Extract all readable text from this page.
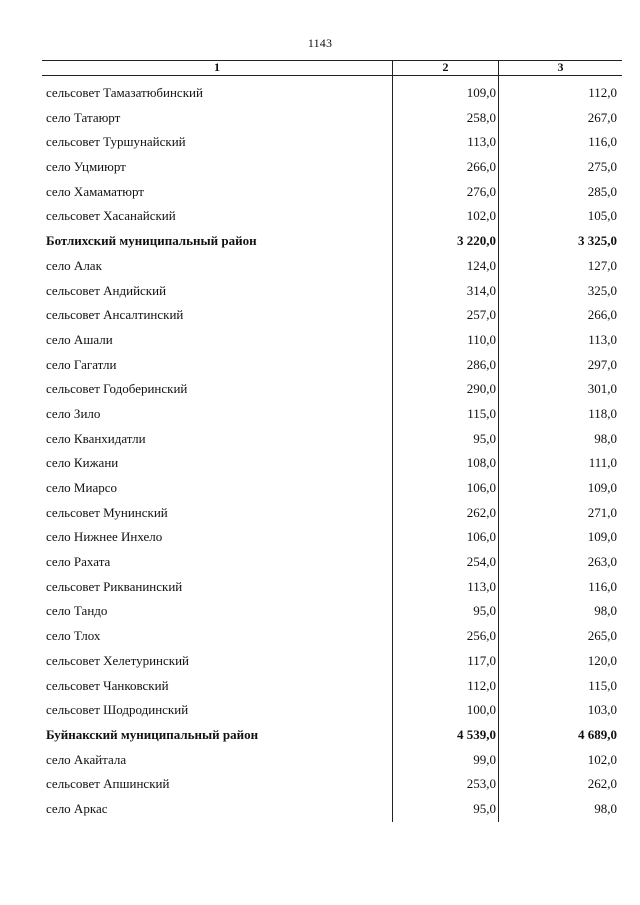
1143
1	2	3
сельсовет Тамазатюбинский	109,0	112,0
село Татаюрт	258,0	267,0
сельсовет Туршунайский	113,0	116,0
село Уцмиюрт	266,0	275,0
село Хамаматюрт	276,0	285,0
сельсовет Хасанайский	102,0	105,0
Ботлихский муниципальный район	3 220,0	3 325,0
село Алак	124,0	127,0
сельсовет Андийский	314,0	325,0
сельсовет Ансалтинский	257,0	266,0
село Ашали	110,0	113,0
село Гагатли	286,0	297,0
сельсовет Годоберинский	290,0	301,0
село Зило	115,0	118,0
село Кванхидатли	95,0	98,0
село Кижани	108,0	111,0
село Миарсо	106,0	109,0
сельсовет Мунинский	262,0	271,0
село Нижнее Инхело	106,0	109,0
село Рахата	254,0	263,0
сельсовет Рикванинский	113,0	116,0
село Тандо	95,0	98,0
село Тлох	256,0	265,0
сельсовет Хелетуринский	117,0	120,0
сельсовет Чанковский	112,0	115,0
сельсовет Шодродинский	100,0	103,0
Буйнакский муниципальный район	4 539,0	4 689,0
село Акайтала	99,0	102,0
сельсовет Апшинский	253,0	262,0
село Аркас	95,0	98,0
